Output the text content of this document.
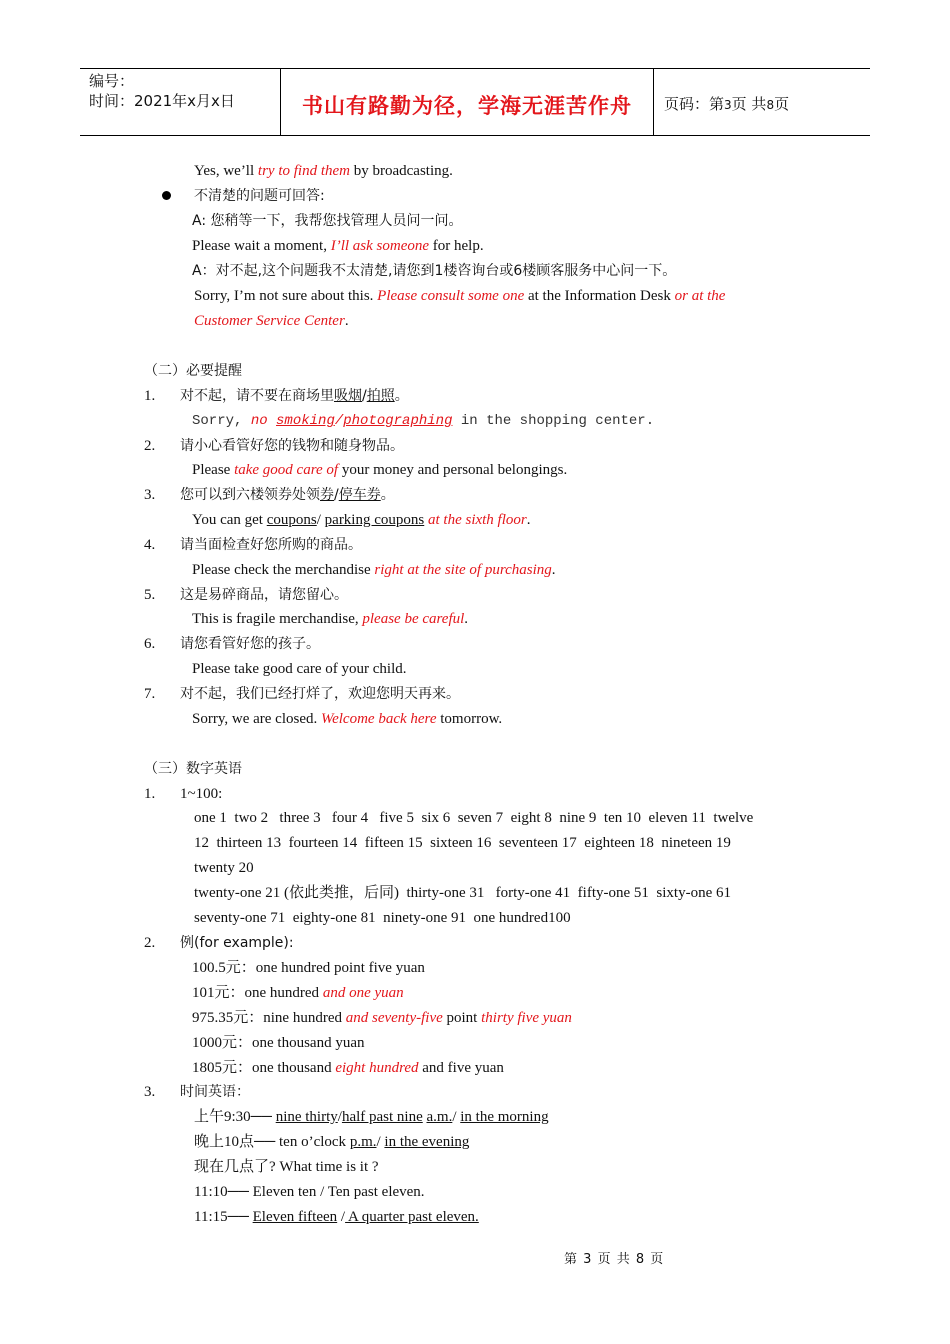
编号：
时间：2021年x月x日	书山有路勤为径，学海无涯苦作舟	页码：第3页 共8页
Yes, we’ll try to find them by broadcasting.
不清楚的问题可回答:
A: 您稍等一下，我帮您找管理人员问一问。
Please wait a moment, I’ll ask someone for help.
A：对不起,这个问题我不太清楚,请您到1楼咨询台或6楼顾客服务中心问一下。
Sorry, I’m not sure about this. Please consult some one at the Information Desk or at the
Customer Service Center.
（二）必要提醒
1. 对不起，请不要在商场里吸烟/拍照。
Sorry, no smoking/photographing in the shopping center.
2. 请小心看管好您的钱物和随身物品。
Please take good care of your money and personal belongings.
3. 您可以到六楼领券处领券/停车券。
You can get coupons/ parking coupons at the sixth floor.
4. 请当面检查好您所购的商品。
Please check the merchandise right at the site of purchasing.
5. 这是易碎商品，请您留心。
This is fragile merchandise, please be careful.
6. 请您看管好您的孩子。
Please take good care of your child.
7. 对不起，我们已经打烊了，欢迎您明天再来。
Sorry, we are closed. Welcome back here tomorrow.
（三）数字英语
1. 1~100:
one 1  two 2   three 3   four 4   five 5  six 6  seven 7  eight 8  nine 9  ten 10  eleven 11  twelve
12  thirteen 13  fourteen 14  fifteen 15  sixteen 16  seventeen 17  eighteen 18  nineteen 19
twenty 20
twenty-one 21 (依此类推，后同)  thirty-one 31   forty-one 41  fifty-one 51  sixty-one 61
seventy-one 71  eighty-one 81  ninety-one 91  one hundred100
2. 例(for example):
100.5元：one hundred point five yuan
101元：one hundred and one yuan
975.35元：nine hundred and seventy-five point thirty five yuan
1000元：one thousand yuan
1805元：one thousand eight hundred and five yuan
3. 时间英语：
上午9:30── nine thirty/half past nine a.m./ in the morning
晚上10点── ten o’clock p.m./ in the evening
现在几点了? What time is it ?
11:10── Eleven ten / Ten past eleven.
11:15── Eleven fifteen / A quarter past eleven.
第 3 页 共 8 页
